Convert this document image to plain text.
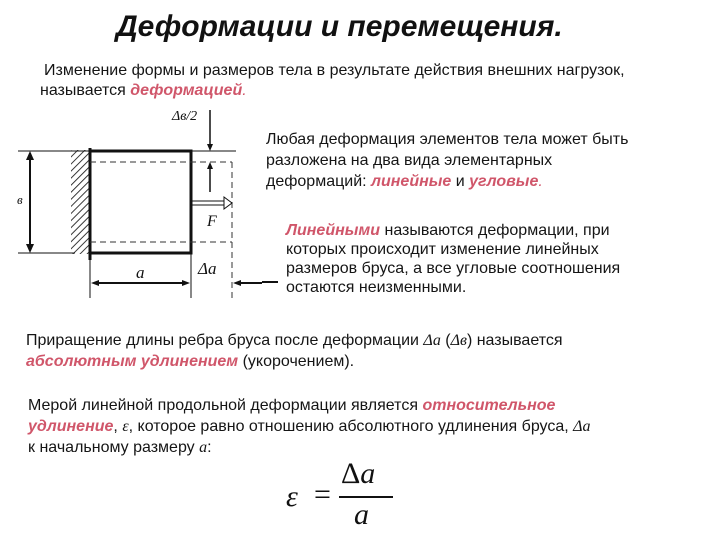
Деформации и перемещения.
Изменение формы и размеров тела в результате действия внешних нагрузок,
называется деформацией.
Любая деформация элементов тела может быть
разложена на два вида элементарных
деформаций: линейные и угловые.
Линейными называются деформации, при
которых происходит изменение линейных
размеров бруса, а все угловые соотношения
остаются неизменными.
Приращение длины ребра бруса после деформации Δa (Δв) называется
абсолютным удлинением (укорочением).
Мерой линейной продольной деформации является относительное
удлинение, ε, которое равно отношению абсолютного удлинения бруса, Δa
к начальному размеру a:
ε =
Δa
a
в
a	Δa
F
Δв/2
